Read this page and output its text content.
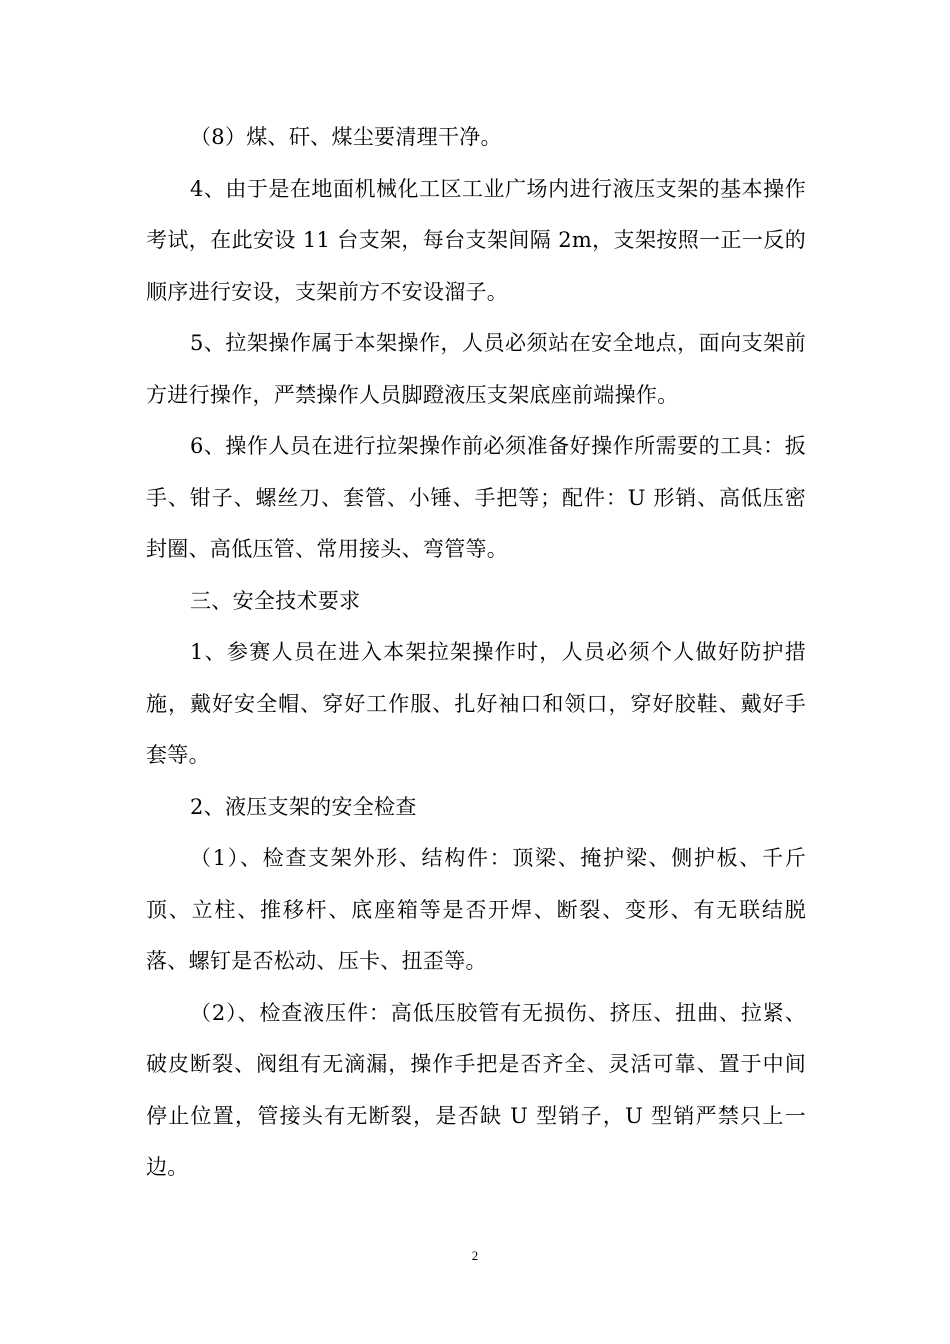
（8）煤、矸、煤尘要清理干净。

4、由于是在地面机械化工区工业广场内进行液压支架的基本操作考试，在此安设 11 台支架，每台支架间隔 2m，支架按照一正一反的顺序进行安设，支架前方不安设溜子。

5、拉架操作属于本架操作，人员必须站在安全地点，面向支架前方进行操作，严禁操作人员脚蹬液压支架底座前端操作。

6、操作人员在进行拉架操作前必须准备好操作所需要的工具：扳手、钳子、螺丝刀、套管、小锤、手把等；配件：U 形销、高低压密封圈、高低压管、常用接头、弯管等。

三、安全技术要求

1、参赛人员在进入本架拉架操作时，人员必须个人做好防护措施，戴好安全帽、穿好工作服、扎好袖口和领口，穿好胶鞋、戴好手套等。

2、液压支架的安全检查

（1）、检查支架外形、结构件：顶梁、掩护梁、侧护板、千斤顶、立柱、推移杆、底座箱等是否开焊、断裂、变形、有无联结脱落、螺钉是否松动、压卡、扭歪等。

（2）、检查液压件：高低压胶管有无损伤、挤压、扭曲、拉紧、破皮断裂、阀组有无滴漏，操作手把是否齐全、灵活可靠、置于中间停止位置，管接头有无断裂，是否缺 U 型销子，U 型销严禁只上一边。

2
